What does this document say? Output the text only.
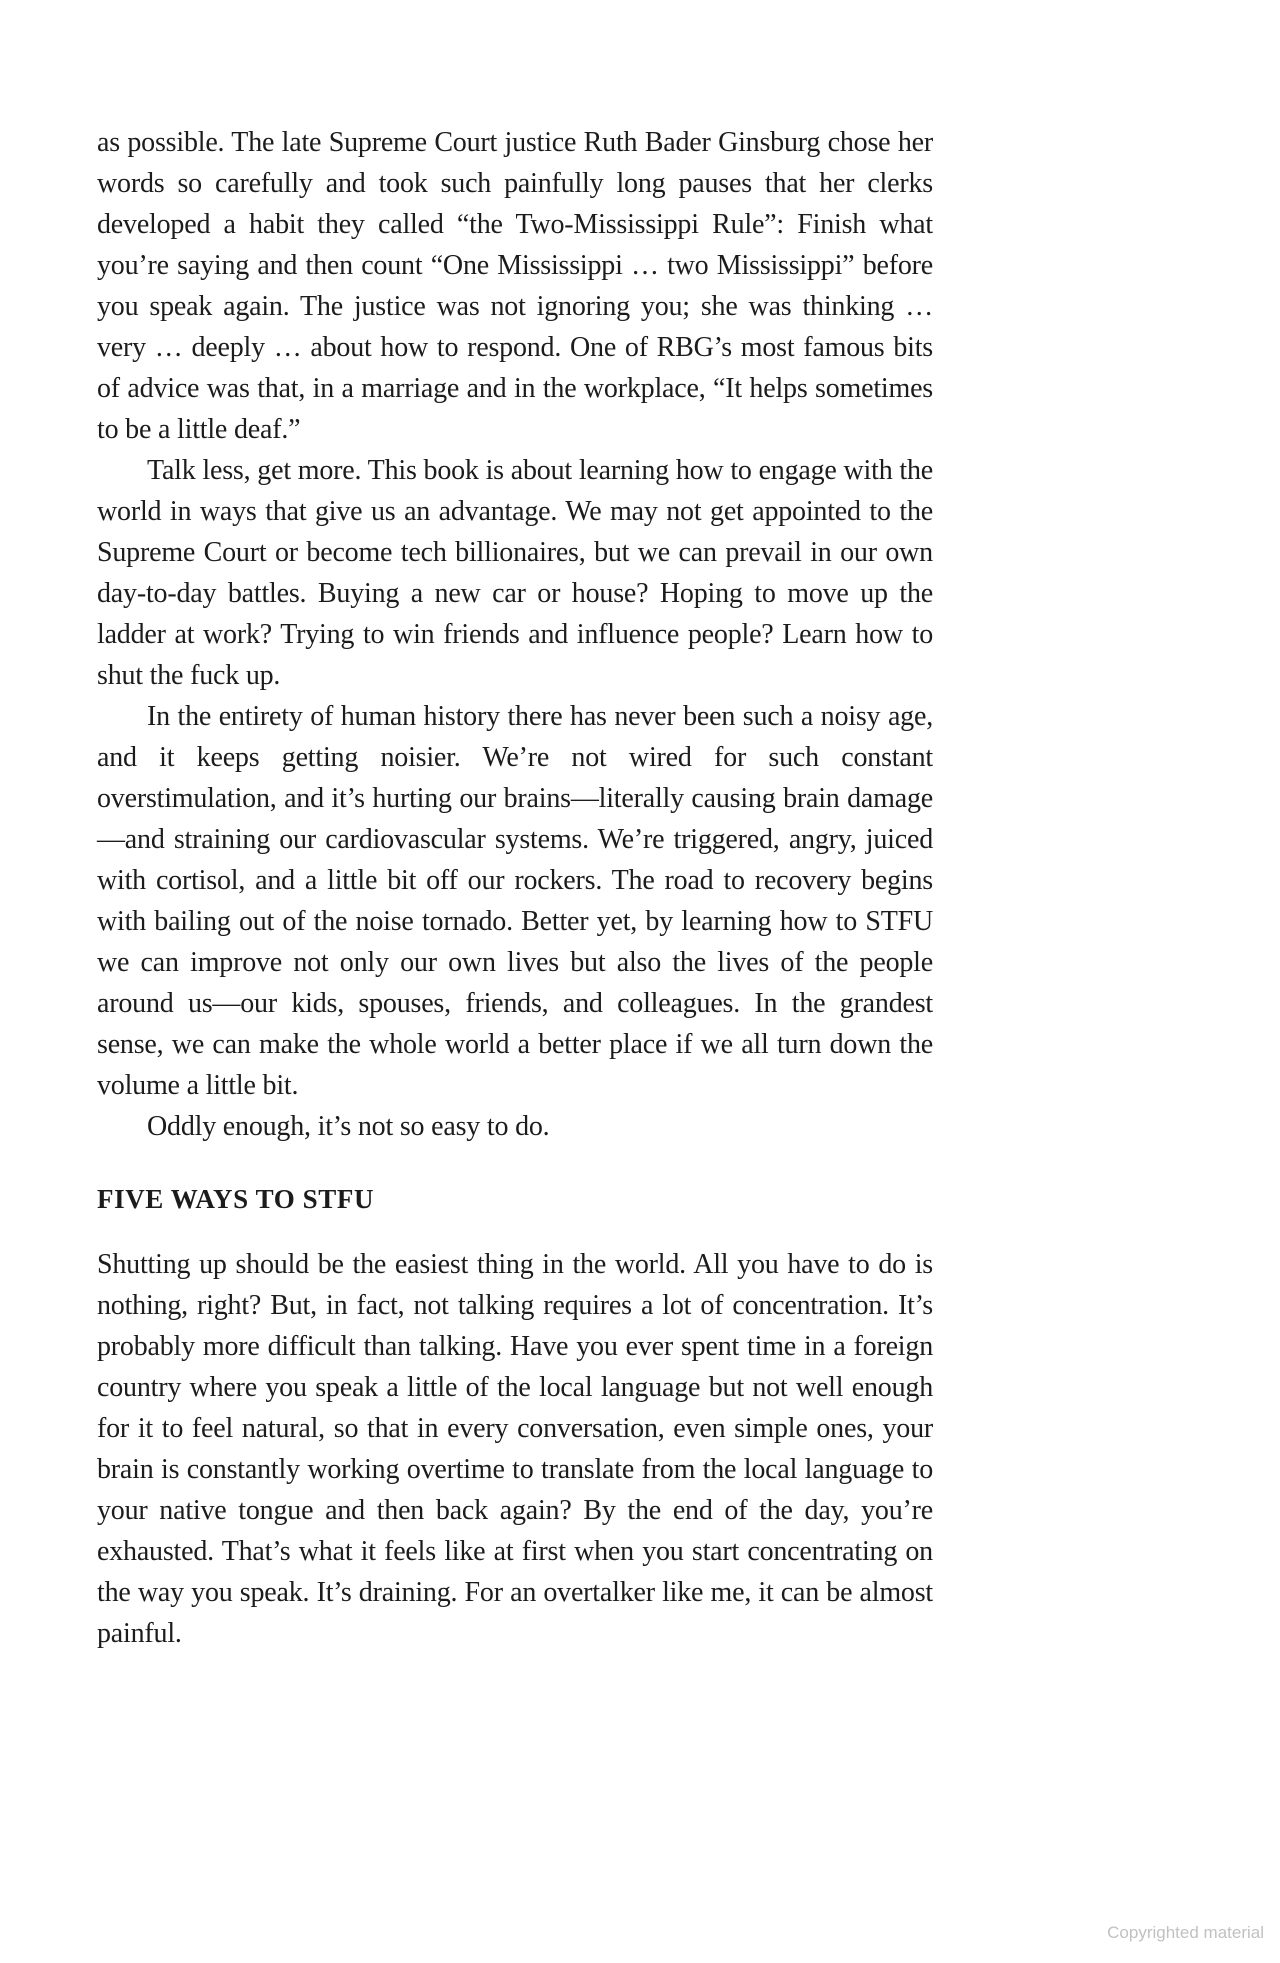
as possible. The late Supreme Court justice Ruth Bader Ginsburg chose her words so carefully and took such painfully long pauses that her clerks developed a habit they called “the Two-Mississippi Rule”: Finish what you’re saying and then count “One Mississippi … two Mississippi” before you speak again. The justice was not ignoring you; she was thinking … very … deeply … about how to respond. One of RBG’s most famous bits of advice was that, in a marriage and in the workplace, “It helps sometimes to be a little deaf.”

Talk less, get more. This book is about learning how to engage with the world in ways that give us an advantage. We may not get appointed to the Supreme Court or become tech billionaires, but we can prevail in our own day-to-day battles. Buying a new car or house? Hoping to move up the ladder at work? Trying to win friends and influence people? Learn how to shut the fuck up.

In the entirety of human history there has never been such a noisy age, and it keeps getting noisier. We’re not wired for such constant overstimulation, and it’s hurting our brains—literally causing brain damage—and straining our cardiovascular systems. We’re triggered, angry, juiced with cortisol, and a little bit off our rockers. The road to recovery begins with bailing out of the noise tornado. Better yet, by learning how to STFU we can improve not only our own lives but also the lives of the people around us—our kids, spouses, friends, and colleagues. In the grandest sense, we can make the whole world a better place if we all turn down the volume a little bit.

Oddly enough, it’s not so easy to do.

FIVE WAYS TO STFU

Shutting up should be the easiest thing in the world. All you have to do is nothing, right? But, in fact, not talking requires a lot of concentration. It’s probably more difficult than talking. Have you ever spent time in a foreign country where you speak a little of the local language but not well enough for it to feel natural, so that in every conversation, even simple ones, your brain is constantly working overtime to translate from the local language to your native tongue and then back again? By the end of the day, you’re exhausted. That’s what it feels like at first when you start concentrating on the way you speak. It’s draining. For an overtalker like me, it can be almost painful.

Copyrighted material
